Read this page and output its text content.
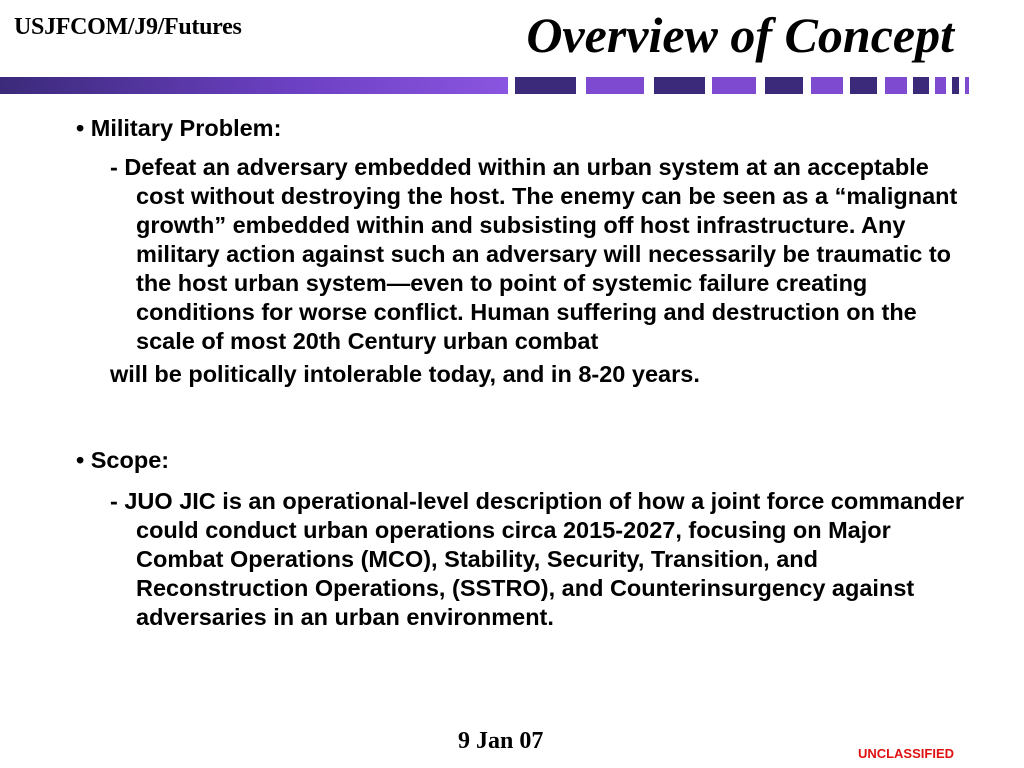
USJFCOM/J9/Futures	Overview of Concept

• Military Problem:

- Defeat an adversary embedded within an urban system at an acceptable cost without destroying the host. The enemy can be seen as a “malignant growth” embedded within and subsisting off host infrastructure. Any military action against such an adversary will necessarily be traumatic to the host urban system—even to point of systemic failure creating conditions for worse conflict. Human suffering and destruction on the scale of most 20th Century urban combat
will be politically intolerable today, and in 8-20 years.

• Scope:

- JUO JIC is an operational-level description of how a joint force commander could conduct urban operations circa 2015-2027, focusing on Major Combat Operations (MCO), Stability, Security, Transition, and Reconstruction Operations, (SSTRO), and Counterinsurgency against adversaries in an urban environment.
9 Jan 07	UNCLASSIFIED
